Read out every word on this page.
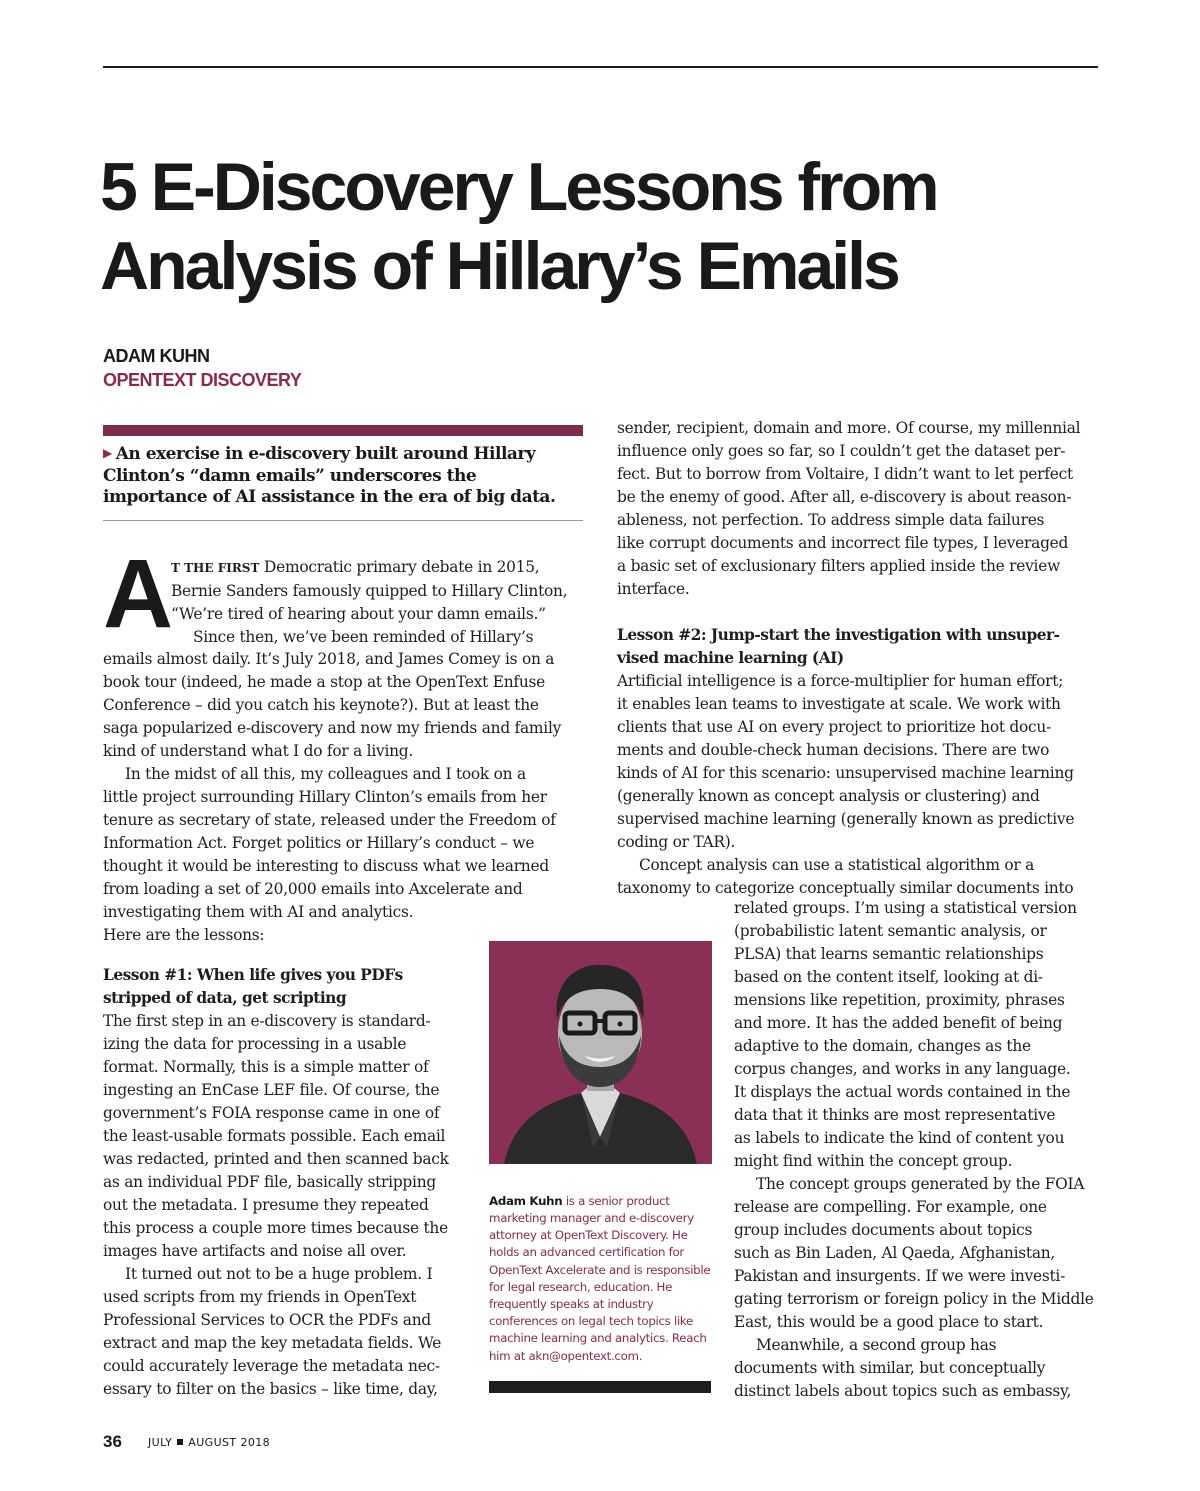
5 E-Discovery Lessons from
Analysis of Hillary’s Emails
ADAM KUHN
OPENTEXT DISCOVERY

▶ An exercise in e-discovery built around Hillary
Clinton’s “damn emails” underscores the
importance of AI assistance in the era of big data.

A
T THE FIRST Democratic primary debate in 2015,
Bernie Sanders famously quipped to Hillary Clinton,
“We’re tired of hearing about your damn emails.”
Since then, we’ve been reminded of Hillary’s

emails almost daily. It’s July 2018, and James Comey is on a
book tour (indeed, he made a stop at the OpenText Enfuse
Conference – did you catch his keynote?). But at least the
saga popularized e-discovery and now my friends and family
kind of understand what I do for a living.

In the midst of all this, my colleagues and I took on a
little project surrounding Hillary Clinton’s emails from her
tenure as secretary of state, released under the Freedom of
Information Act. Forget politics or Hillary’s conduct – we
thought it would be interesting to discuss what we learned
from loading a set of 20,000 emails into Axcelerate and
investigating them with AI and analytics.
Here are the lessons:

Lesson #1: When life gives you PDFs
stripped of data, get scripting

The first step in an e-discovery is standard-
izing the data for processing in a usable
format. Normally, this is a simple matter of
ingesting an EnCase LEF file. Of course, the
government’s FOIA response came in one of
the least-usable formats possible. Each email
was redacted, printed and then scanned back
as an individual PDF file, basically stripping
out the metadata. I presume they repeated
this process a couple more times because the
images have artifacts and noise all over.

It turned out not to be a huge problem. I
used scripts from my friends in OpenText
Professional Services to OCR the PDFs and
extract and map the key metadata fields. We
could accurately leverage the metadata nec-
essary to filter on the basics – like time, day,

Adam Kuhn is a senior product marketing manager and e-discovery attorney at OpenText Discovery. He holds an advanced certification for OpenText Axcelerate and is responsible for legal research, education. He frequently speaks at industry conferences on legal tech topics like machine learning and analytics. Reach him at akn@opentext.com.

sender, recipient, domain and more. Of course, my millennial
influence only goes so far, so I couldn’t get the dataset per-
fect. But to borrow from Voltaire, I didn’t want to let perfect
be the enemy of good. After all, e-discovery is about reason-
ableness, not perfection. To address simple data failures
like corrupt documents and incorrect file types, I leveraged
a basic set of exclusionary filters applied inside the review
interface.

Lesson #2: Jump-start the investigation with unsuper-
vised machine learning (AI)

Artificial intelligence is a force-multiplier for human effort;
it enables lean teams to investigate at scale. We work with
clients that use AI on every project to prioritize hot docu-
ments and double-check human decisions. There are two
kinds of AI for this scenario: unsupervised machine learning
(generally known as concept analysis or clustering) and
supervised machine learning (generally known as predictive
coding or TAR).

Concept analysis can use a statistical algorithm or a
taxonomy to categorize conceptually similar documents into

related groups. I’m using a statistical version
(probabilistic latent semantic analysis, or
PLSA) that learns semantic relationships
based on the content itself, looking at di-
mensions like repetition, proximity, phrases
and more. It has the added benefit of being
adaptive to the domain, changes as the
corpus changes, and works in any language.
It displays the actual words contained in the
data that it thinks are most representative
as labels to indicate the kind of content you
might find within the concept group.

The concept groups generated by the FOIA
release are compelling. For example, one
group includes documents about topics
such as Bin Laden, Al Qaeda, Afghanistan,
Pakistan and insurgents. If we were investi-
gating terrorism or foreign policy in the Middle
East, this would be a good place to start.

Meanwhile, a second group has
documents with similar, but conceptually
distinct labels about topics such as embassy,

36 JULY AUGUST 2018
